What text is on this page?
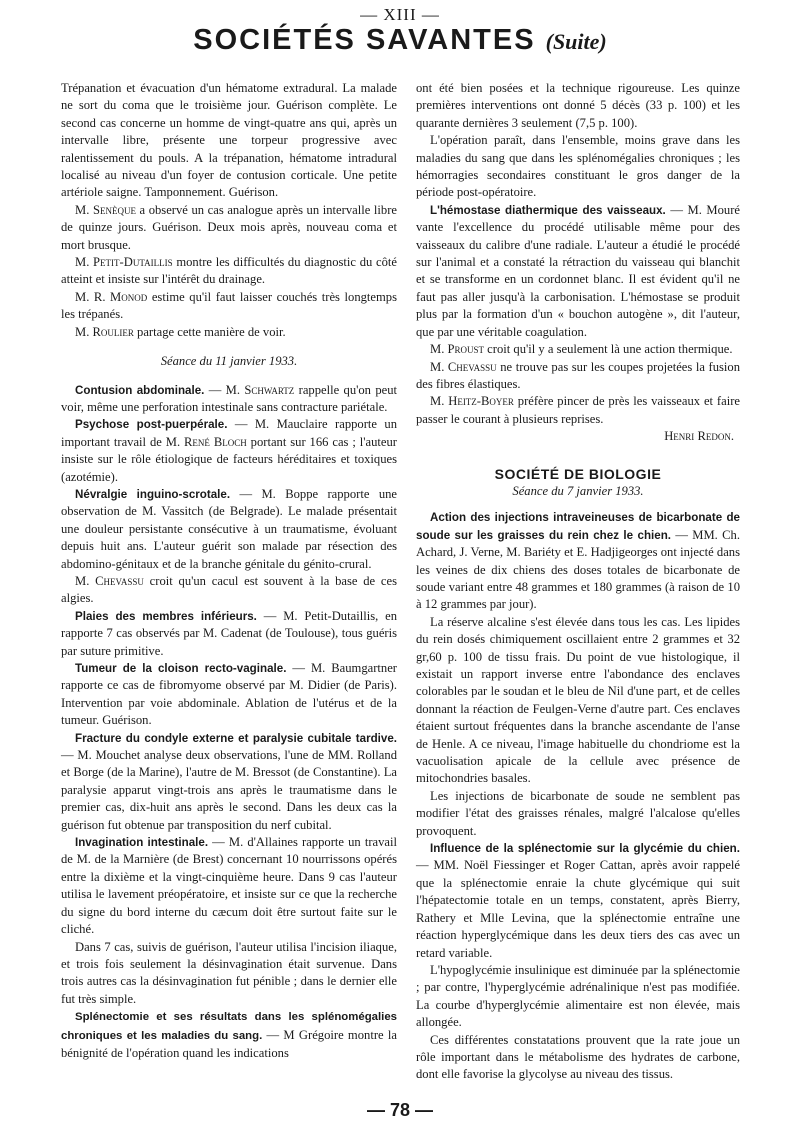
— XIII —
SOCIÉTÉS SAVANTES (Suite)

Trépanation et évacuation d'un hématome extradural. La malade ne sort du coma que le troisième jour. Guérison complète. Le second cas concerne un homme de vingt-quatre ans qui, après un intervalle libre, présente une torpeur progressive avec ralentissement du pouls. A la trépanation, hématome intradural localisé au niveau d'un foyer de contusion corticale. Une petite artériole saigne. Tamponnement. Guérison.

M. Senèque a observé un cas analogue après un intervalle libre de quinze jours. Guérison. Deux mois après, nouveau coma et mort brusque.

M. Petit-Dutaillis montre les difficultés du diagnostic du côté atteint et insiste sur l'intérêt du drainage.

M. R. Monod estime qu'il faut laisser couchés très longtemps les trépanés.

M. Roulier partage cette manière de voir.

Séance du 11 janvier 1933.

Contusion abdominale. — M. Schwartz rappelle qu'on peut voir, même une perforation intestinale sans contracture pariétale.

Psychose post-puerpérale. — M. Mauclaire rapporte un important travail de M. René Bloch portant sur 166 cas ; l'auteur insiste sur le rôle étiologique de facteurs héréditaires et toxiques (azotémie).

Névralgie inguino-scrotale. — M. Boppe rapporte une observation de M. Vassitch (de Belgrade). Le malade présentait une douleur persistante consécutive à un traumatisme, évoluant depuis huit ans. L'auteur guérit son malade par résection des abdomino-génitaux et de la branche génitale du génito-crural.

M. Chevassu croit qu'un cacul est souvent à la base de ces algies.

Plaies des membres inférieurs. — M. Petit-Dutaillis, en rapporte 7 cas observés par M. Cadenat (de Toulouse), tous guéris par suture primitive.

Tumeur de la cloison recto-vaginale. — M. Baumgartner rapporte ce cas de fibromyome observé par M. Didier (de Paris). Intervention par voie abdominale. Ablation de l'utérus et de la tumeur. Guérison.

Fracture du condyle externe et paralysie cubitale tardive. — M. Mouchet analyse deux observations, l'une de MM. Rolland et Borge (de la Marine), l'autre de M. Bressot (de Constantine). La paralysie apparut vingt-trois ans après le traumatisme dans le premier cas, dix-huit ans après le second. Dans les deux cas la guérison fut obtenue par transposition du nerf cubital.

Invagination intestinale. — M. d'Allaines rapporte un travail de M. de la Marnière (de Brest) concernant 10 nourrissons opérés entre la dixième et la vingt-cinquième heure. Dans 9 cas l'auteur utilisa le lavement préopératoire, et insiste sur ce que la recherche du signe du bord interne du cæcum doit être surtout faite sur le cliché.

Dans 7 cas, suivis de guérison, l'auteur utilisa l'incision iliaque, et trois fois seulement la désinvagination était survenue. Dans trois autres cas la désinvagination fut pénible ; dans le dernier elle fut très simple.

Splénectomie et ses résultats dans les splénomégalies chroniques et les maladies du sang. — M Grégoire montre la bénignité de l'opération quand les indications

ont été bien posées et la technique rigoureuse. Les quinze premières interventions ont donné 5 décès (33 p. 100) et les quarante dernières 3 seulement (7,5 p. 100).

L'opération paraît, dans l'ensemble, moins grave dans les maladies du sang que dans les splénomégalies chroniques ; les hémorragies secondaires constituant le gros danger de la période post-opératoire.

L'hémostase diathermique des vaisseaux. — M. Mouré vante l'excellence du procédé utilisable même pour des vaisseaux du calibre d'une radiale. L'auteur a étudié le procédé sur l'animal et a constaté la rétraction du vaisseau qui blanchit et se transforme en un cordonnet blanc. Il est évident qu'il ne faut pas aller jusqu'à la carbonisation. L'hémostase se produit plus par la formation d'un « bouchon autogène », dit l'auteur, que par une véritable coagulation.

M. Proust croit qu'il y a seulement là une action thermique.

M. Chevassu ne trouve pas sur les coupes projetées la fusion des fibres élastiques.

M. Heitz-Boyer préfère pincer de près les vaisseaux et faire passer le courant à plusieurs reprises.

Henri Redon.

SOCIÉTÉ DE BIOLOGIE
Séance du 7 janvier 1933.

Action des injections intraveineuses de bicarbonate de soude sur les graisses du rein chez le chien. — MM. Ch. Achard, J. Verne, M. Bariéty et E. Hadjigeorges ont injecté dans les veines de dix chiens des doses totales de bicarbonate de soude variant entre 48 grammes et 180 grammes (à raison de 10 à 12 grammes par jour).

La réserve alcaline s'est élevée dans tous les cas. Les lipides du rein dosés chimiquement oscillaient entre 2 grammes et 32 gr,60 p. 100 de tissu frais. Du point de vue histologique, il existait un rapport inverse entre l'abondance des enclaves colorables par le soudan et le bleu de Nil d'une part, et de celles donnant la réaction de Feulgen-Verne d'autre part. Ces enclaves étaient surtout fréquentes dans la branche ascendante de l'anse de Henle. A ce niveau, l'image habituelle du chondriome est la vacuolisation apicale de la cellule avec présence de mitochondries basales.

Les injections de bicarbonate de soude ne semblent pas modifier l'état des graisses rénales, malgré l'alcalose qu'elles provoquent.

Influence de la splénectomie sur la glycémie du chien. — MM. Noël Fiessinger et Roger Cattan, après avoir rappelé que la splénectomie enraie la chute glycémique qui suit l'hépatectomie totale en un temps, constatent, après Bierry, Rathery et Mlle Levina, que la splénectomie entraîne une réaction hyperglycémique dans les deux tiers des cas avec un retard variable.

L'hypoglycémie insulinique est diminuée par la splénectomie ; par contre, l'hyperglycémie adrénalinique n'est pas modifiée. La courbe d'hyperglycémie alimentaire est non élevée, mais allongée.

Ces différentes constatations prouvent que la rate joue un rôle important dans le métabolisme des hydrates de carbone, dont elle favorise la glycolyse au niveau des tissus.

— 78 —
